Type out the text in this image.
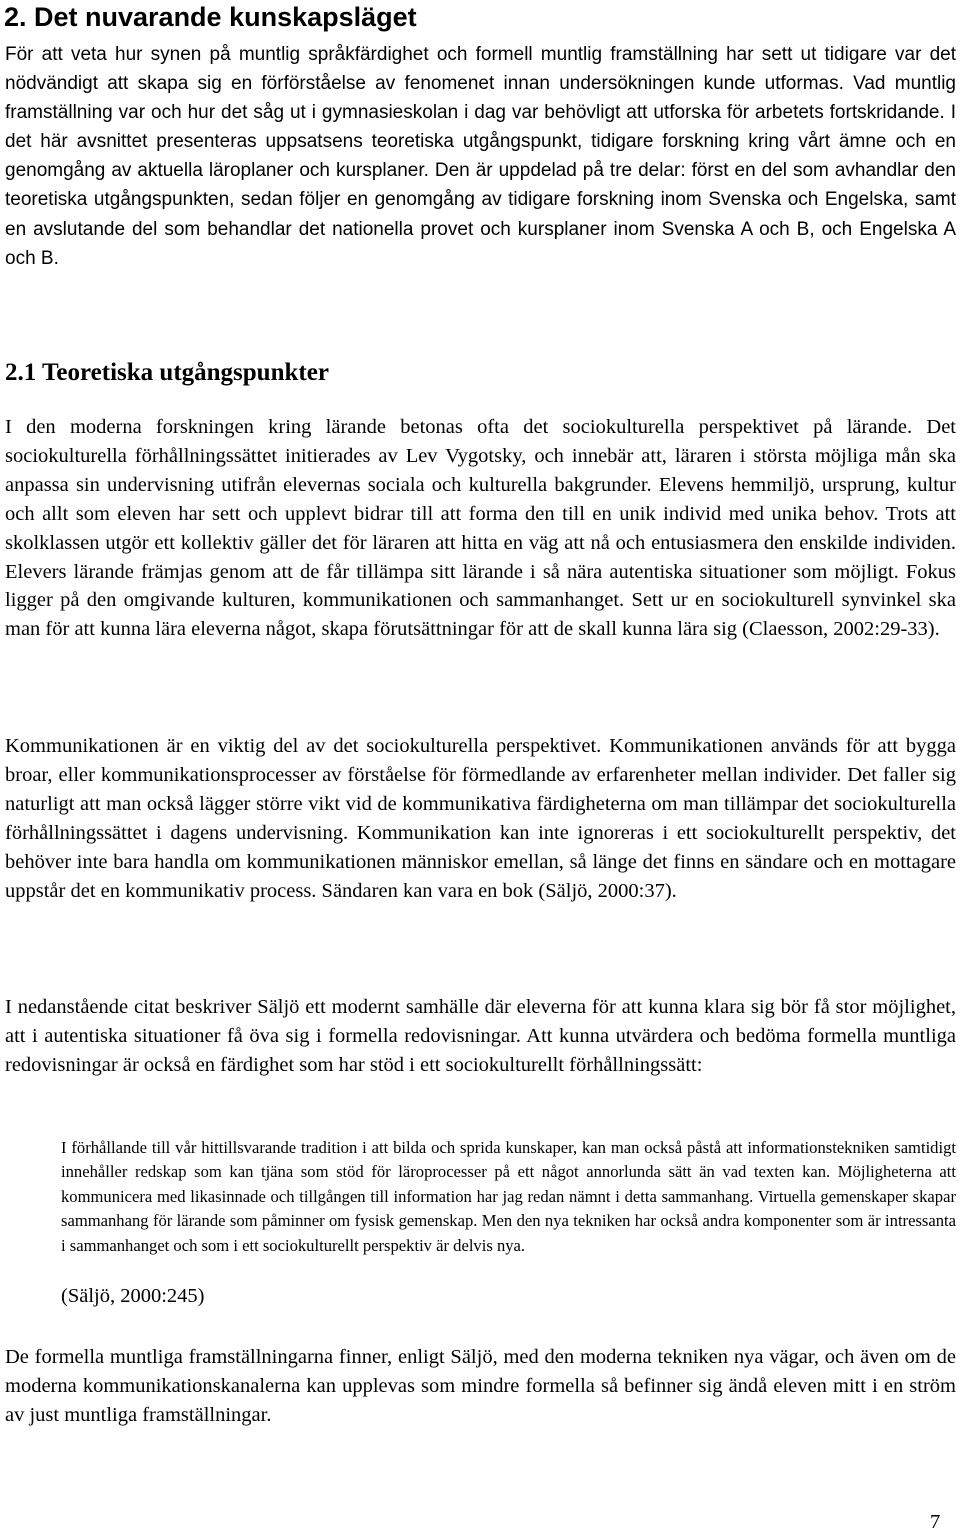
2. Det nuvarande kunskapsläget

För att veta hur synen på muntlig språkfärdighet och formell muntlig framställning har sett ut tidigare var det nödvändigt att skapa sig en förförståelse av fenomenet innan undersökningen kunde utformas. Vad muntlig framställning var och hur det såg ut i gymnasieskolan i dag var behövligt att utforska för arbetets fortskridande. I det här avsnittet presenteras uppsatsens teoretiska utgångspunkt, tidigare forskning kring vårt ämne och en genomgång av aktuella läroplaner och kursplaner. Den är uppdelad på tre delar: först en del som avhandlar den teoretiska utgångspunkten, sedan följer en genomgång av tidigare forskning inom Svenska och Engelska, samt en avslutande del som behandlar det nationella provet och kursplaner inom Svenska A och B, och Engelska A och B.

2.1 Teoretiska utgångspunkter

I den moderna forskningen kring lärande betonas ofta det sociokulturella perspektivet på lärande. Det sociokulturella förhållningssättet initierades av Lev Vygotsky, och innebär att, läraren i största möjliga mån ska anpassa sin undervisning utifrån elevernas sociala och kulturella bakgrunder. Elevens hemmiljö, ursprung, kultur och allt som eleven har sett och upplevt bidrar till att forma den till en unik individ med unika behov. Trots att skolklassen utgör ett kollektiv gäller det för läraren att hitta en väg att nå och entusiasmera den enskilde individen. Elevers lärande främjas genom att de får tillämpa sitt lärande i så nära autentiska situationer som möjligt. Fokus ligger på den omgivande kulturen, kommunikationen och sammanhanget. Sett ur en sociokulturell synvinkel ska man för att kunna lära eleverna något, skapa förutsättningar för att de skall kunna lära sig (Claesson, 2002:29-33).

Kommunikationen är en viktig del av det sociokulturella perspektivet. Kommunikationen används för att bygga broar, eller kommunikationsprocesser av förståelse för förmedlande av erfarenheter mellan individer. Det faller sig naturligt att man också lägger större vikt vid de kommunikativa färdigheterna om man tillämpar det sociokulturella förhållningssättet i dagens undervisning. Kommunikation kan inte ignoreras i ett sociokulturellt perspektiv, det behöver inte bara handla om kommunikationen människor emellan, så länge det finns en sändare och en mottagare uppstår det en kommunikativ process. Sändaren kan vara en bok (Säljö, 2000:37).

I nedanstående citat beskriver Säljö ett modernt samhälle där eleverna för att kunna klara sig bör få stor möjlighet, att i autentiska situationer få öva sig i formella redovisningar. Att kunna utvärdera och bedöma formella muntliga redovisningar är också en färdighet som har stöd i ett sociokulturellt förhållningssätt:

I förhållande till vår hittillsvarande tradition i att bilda och sprida kunskaper, kan man också påstå att informationstekniken samtidigt innehåller redskap som kan tjäna som stöd för läroprocesser på ett något annorlunda sätt än vad texten kan. Möjligheterna att kommunicera med likasinnade och tillgången till information har jag redan nämnt i detta sammanhang. Virtuella gemenskaper skapar sammanhang för lärande som påminner om fysisk gemenskap. Men den nya tekniken har också andra komponenter som är intressanta i sammanhanget och som i ett sociokulturellt perspektiv är delvis nya.

(Säljö, 2000:245)

De formella muntliga framställningarna finner, enligt Säljö, med den moderna tekniken nya vägar, och även om de moderna kommunikationskanalerna kan upplevas som mindre formella så befinner sig ändå eleven mitt i en ström av just muntliga framställningar.

7
